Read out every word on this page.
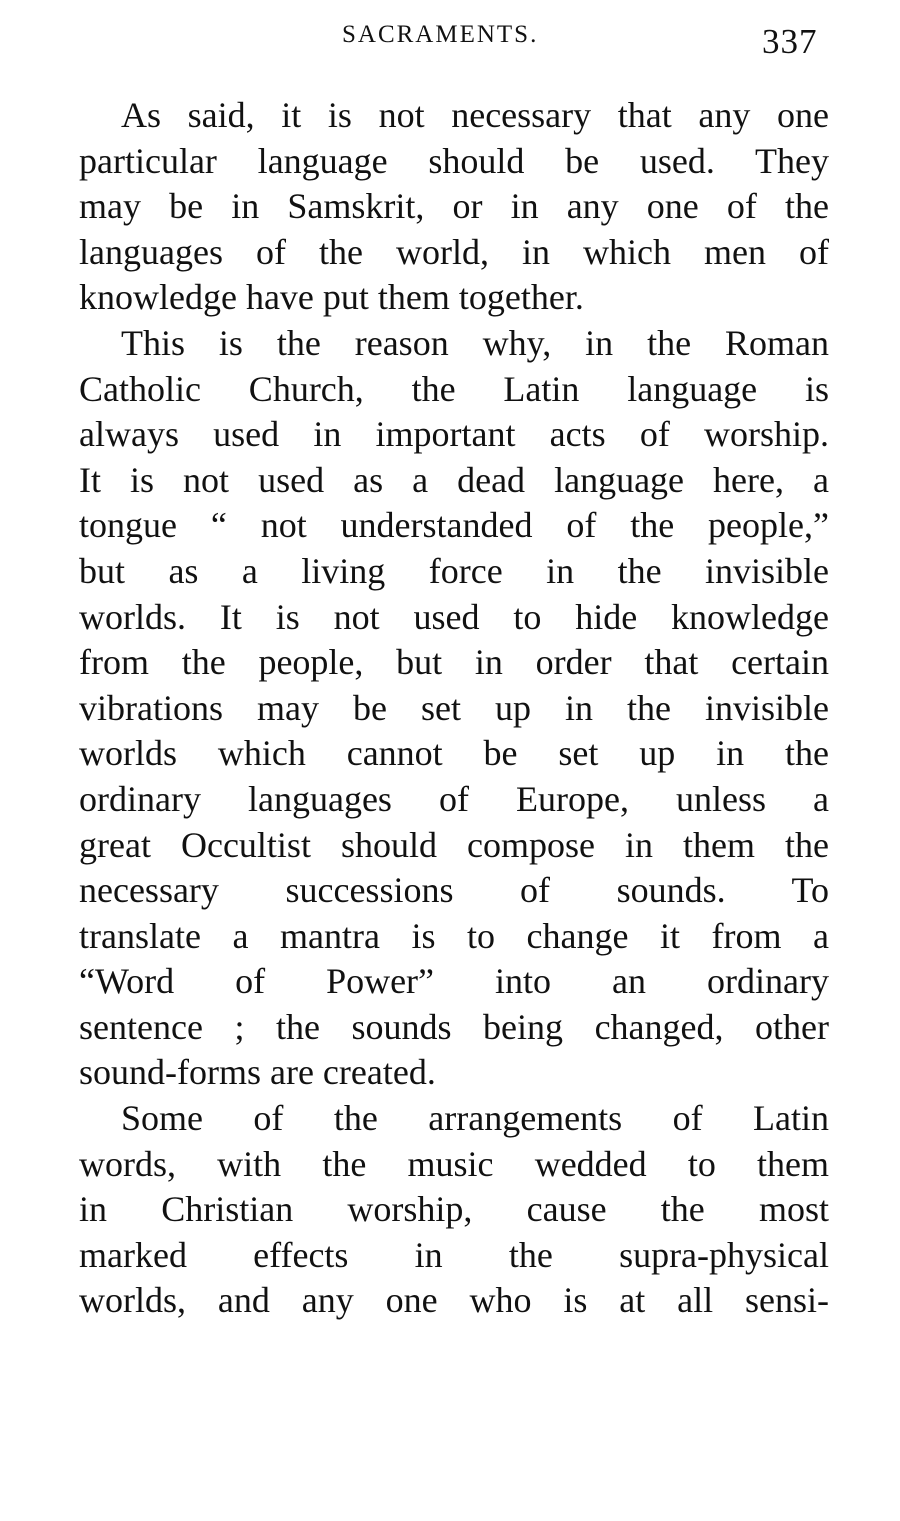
SACRAMENTS.	337
As said, it is not necessary that any one
particular language should be used. They
may be in Samskrit, or in any one of the
languages of the world, in which men of
knowledge have put them together.
This is the reason why, in the Roman
Catholic Church, the Latin language is
always used in important acts of worship.
It is not used as a dead language here, a
tongue “ not understanded of the people,”
but as a living force in the invisible
worlds. It is not used to hide knowledge
from the people, but in order that certain
vibrations may be set up in the invisible
worlds which cannot be set up in the
ordinary languages of Europe, unless a
great Occultist should compose in them the
necessary successions of sounds. To
translate a mantra is to change it from a
“Word of Power” into an ordinary
sentence ; the sounds being changed, other
sound-forms are created.
Some of the arrangements of Latin
words, with the music wedded to them
in Christian worship, cause the most
marked effects in the supra-physical
worlds, and any one who is at all sensi-
